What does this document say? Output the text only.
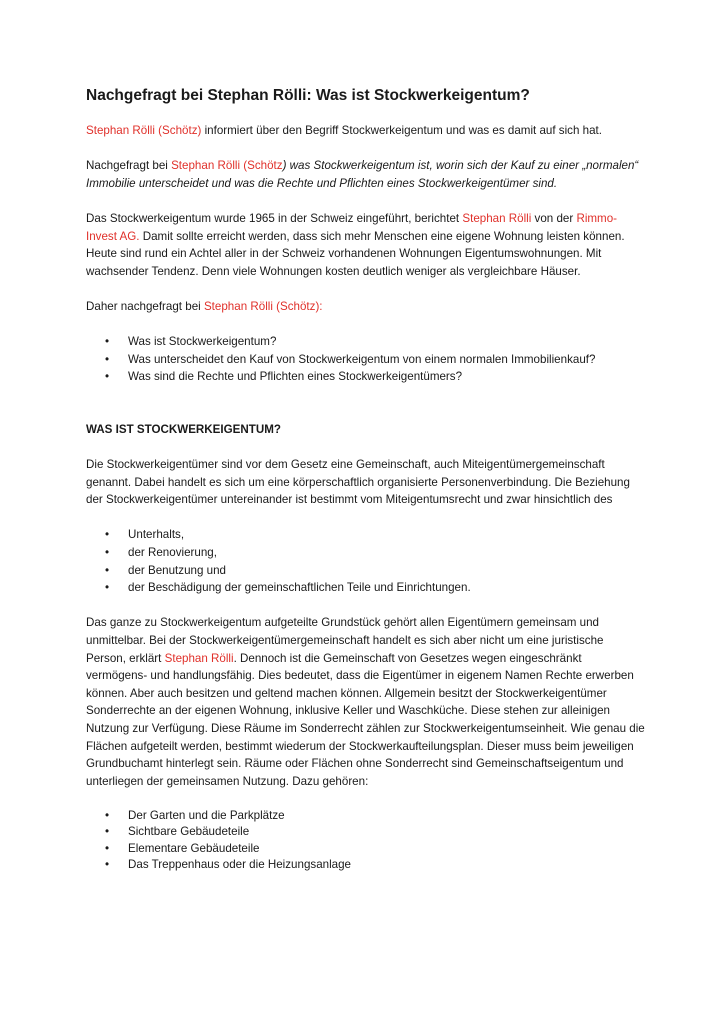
Nachgefragt bei Stephan Rölli: Was ist Stockwerkeigentum?

Stephan Rölli (Schötz) informiert über den Begriff Stockwerkeigentum und was es damit auf sich hat.

Nachgefragt bei Stephan Rölli (Schötz) was Stockwerkeigentum ist, worin sich der Kauf zu einer „normalen“ Immobilie unterscheidet und was die Rechte und Pflichten eines Stockwerkeigentümer sind.

Das Stockwerkeigentum wurde 1965 in der Schweiz eingeführt, berichtet Stephan Rölli von der Rimmo-Invest AG. Damit sollte erreicht werden, dass sich mehr Menschen eine eigene Wohnung leisten können. Heute sind rund ein Achtel aller in der Schweiz vorhandenen Wohnungen Eigentumswohnungen. Mit wachsender Tendenz. Denn viele Wohnungen kosten deutlich weniger als vergleichbare Häuser.

Daher nachgefragt bei Stephan Rölli (Schötz):

• Was ist Stockwerkeigentum?
• Was unterscheidet den Kauf von Stockwerkeigentum von einem normalen Immobilienkauf?
• Was sind die Rechte und Pflichten eines Stockwerkeigentümers?
WAS IST STOCKWERKEIGENTUM?

Die Stockwerkeigentümer sind vor dem Gesetz eine Gemeinschaft, auch Miteigentümergemeinschaft genannt. Dabei handelt es sich um eine körperschaftlich organisierte Personenverbindung. Die Beziehung der Stockwerkeigentümer untereinander ist bestimmt vom Miteigentumsrecht und zwar hinsichtlich des

• Unterhalts,
• der Renovierung,
• der Benutzung und
• der Beschädigung der gemeinschaftlichen Teile und Einrichtungen.

Das ganze zu Stockwerkeigentum aufgeteilte Grundstück gehört allen Eigentümern gemeinsam und unmittelbar. Bei der Stockwerkeigentümergemeinschaft handelt es sich aber nicht um eine juristische Person, erklärt Stephan Rölli. Dennoch ist die Gemeinschaft von Gesetzes wegen eingeschränkt vermögens- und handlungsfähig. Dies bedeutet, dass die Eigentümer in eigenem Namen Rechte erwerben können. Aber auch besitzen und geltend machen können. Allgemein besitzt der Stockwerkeigentümer Sonderrechte an der eigenen Wohnung, inklusive Keller und Waschküche. Diese stehen zur alleinigen Nutzung zur Verfügung. Diese Räume im Sonderrecht zählen zur Stockwerkeigentumseinheit. Wie genau die Flächen aufgeteilt werden, bestimmt wiederum der Stockwerkaufteilungsplan. Dieser muss beim jeweiligen Grundbuchamt hinterlegt sein. Räume oder Flächen ohne Sonderrecht sind Gemeinschaftseigentum und unterliegen der gemeinsamen Nutzung. Dazu gehören:

• Der Garten und die Parkplätze
• Sichtbare Gebäudeteile
• Elementare Gebäudeteile
• Das Treppenhaus oder die Heizungsanlage
